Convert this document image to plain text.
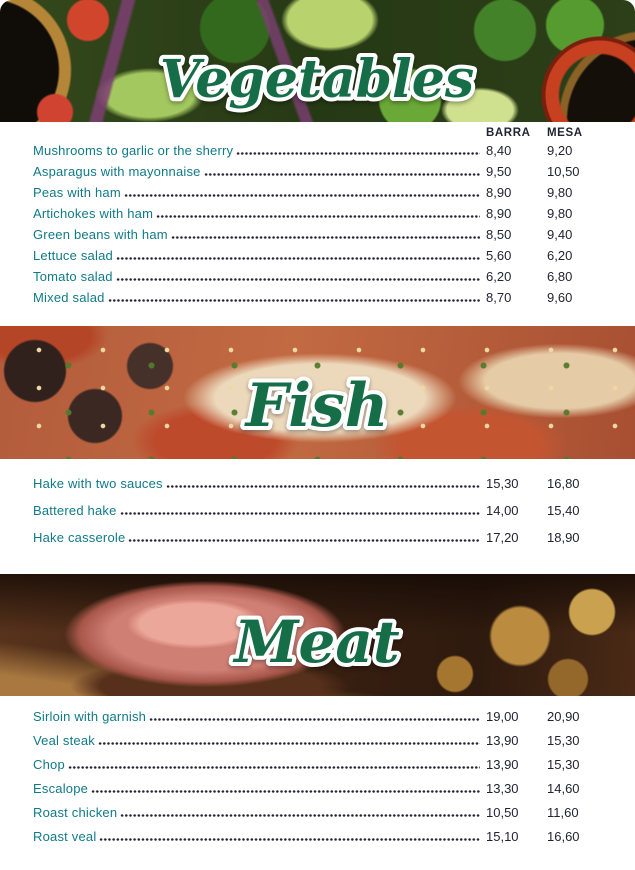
Vegetables
BARRA	MESA
Mushrooms to garlic or the sherry	8,40	9,20
Asparagus with mayonnaise	9,50	10,50
Peas with ham	8,90	9,80
Artichokes with ham	8,90	9,80
Green beans with ham	8,50	9,40
Lettuce salad	5,60	6,20
Tomato salad	6,20	6,80
Mixed salad	8,70	9,60
Fish
Hake with two sauces	15,30	16,80
Battered hake	14,00	15,40
Hake casserole	17,20	18,90
Meat
Sirloin with garnish	19,00	20,90
Veal steak	13,90	15,30
Chop	13,90	15,30
Escalope	13,30	14,60
Roast chicken	10,50	11,60
Roast veal	15,10	16,60
